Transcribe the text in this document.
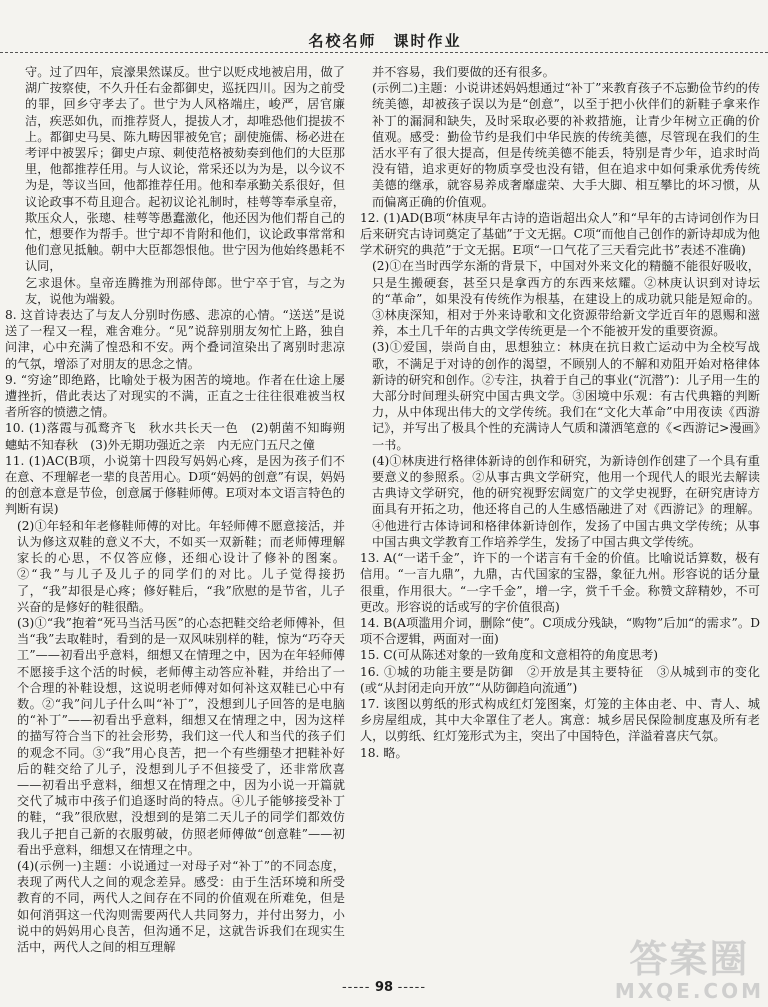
名校名师　课时作业

守。过了四年，宸濠果然谋反。世宁以贬戍地被启用，做了湖广按察使，不久升任右金都御史，巡抚四川。因为之前受的罪，回乡守孝去了。世宁为人风格端庄，峻严，居官廉洁，疾恶如仇，而推荐贤人，提拔人才，却唯恐他们提拔不上。都御史马昊、陈九畴因罪被免官；副使施儒、杨必进在考评中被罢斥；御史卢琼、刺使范格被劾奏到他们的大臣那里，他都推荐任用。与人议论，常采还以为为是，以今议不为是，等议当回，他都推荐任用。他和奉承勤关系很好，但议论政事不苟且迎合。起初议论礼制时，桂萼等奉承皇帝，欺压众人，张璁、桂萼等愚蠢激化，他还因为他们帮自己的忙，想要作为帮手。世宁却不肯附和他们，议论政事常常和他们意见抵触。朝中大臣都怨恨他。世宁因为他始终愚耗不认同，

乞求退休。皇帝连腾推为刑部侍郎。世宁卒于官，与之为友，说他为端毅。

8. 这首诗表达了与友人分别时伤感、悲凉的心情。“送送”是说送了一程又一程，难舍难分。“见”说辞别朋友匆忙上路，独自问津，心中充满了惶恐和不安。两个叠词渲染出了离别时悲凉的气氛，增添了对朋友的思念之情。

9. “穷途”即绝路，比喻处于极为困苦的境地。作者在仕途上屡遭挫折，借此表达了对现实的不满，正直之士往往很难被当权者所容的愤懑之情。

10. (1)落霞与孤鹜齐飞　秋水共长天一色　(2)朝菌不知晦朔　蟪蛄不知春秋　(3)外无期功强近之亲　内无应门五尺之僮

11. (1)AC(B项，小说第十四段写妈妈心疼，是因为孩子们不在意、不理解老一辈的良苦用心。D项“妈妈的创意”有误，妈妈的创意本意是节俭，创意属于修鞋师傅。E项对本文语言特色的判断有误)

(2)①年轻和年老修鞋师傅的对比。年轻师傅不愿意接活，并认为修这双鞋的意义不大，不如买一双新鞋；而老师傅理解家长的心思，不仅答应修，还细心设计了修补的图案。②“我”与儿子及儿子的同学们的对比。儿子觉得接扔了，“我”却很是心疼；修好鞋后，“我”欣慰的是节省，儿子兴奋的是修好的鞋很酷。

(3)①“我”抱着“死马当活马医”的心态把鞋交给老师傅补，但当“我”去取鞋时，看到的是一双风味别样的鞋，惊为“巧夺天工”——初看出乎意料，细想又在情理之中，因为在年轻师傅不愿接手这个活的时候，老师傅主动答应补鞋，并给出了一个合理的补鞋设想，这说明老师傅对如何补这双鞋已心中有数。②“我”问儿子什么叫“补丁”，没想到儿子回答的是电脑的“补丁”——初看出乎意料，细想又在情理之中，因为这样的描写符合当下的社会形势，我们这一代人和当代的孩子们的观念不同。③“我”用心良苦，把一个有些绷垫才把鞋补好后的鞋交给了儿子，没想到儿子不但接受了，还非常欣喜——初看出乎意料，细想又在情理之中，因为小说一开篇就交代了城市中孩子们追逐时尚的特点。④儿子能够接受补丁的鞋，“我”很欣慰，没想到的是第二天儿子的同学们都效仿我儿子把自己新的衣服剪破，仿照老师傅做“创意鞋”——初看出乎意料，细想又在情理之中。

(4)(示例一)主题：小说通过一对母子对“补丁”的不同态度，表现了两代人之间的观念差异。感受：由于生活环境和所受教育的不同，两代人之间存在不同的价值观在所难免，但是如何消弭这一代沟则需要两代人共同努力，并付出努力，小说中的妈妈用心良苦，但沟通不足，这就告诉我们在现实生活中，两代人之间的相互理解

并不容易，我们要做的还有很多。

(示例二)主题：小说讲述妈妈想通过“补丁”来教育孩子不忘勤俭节约的传统美德，却被孩子误以为是“创意”，以至于把小伙伴们的新鞋子拿来作补丁的漏洞和缺失，及时采取必要的补救措施，让青少年树立正确的价值观。感受：勤俭节约是我们中华民族的传统美德，尽管现在我们的生活水平有了很大提高，但是传统美德不能丢，特别是青少年，追求时尚没有错，追求更好的物质享受也没有错，但在追求中如何秉承优秀传统美德的继承，就容易养成奢靡虚荣、大手大脚、相互攀比的坏习惯，从而偏离正确的价值观。

12. (1)AD(B项“林庚早年古诗的造诣超出众人”和“早年的古诗词创作为日后来研究古诗词奠定了基础”于文无据。C项“而他自己创作的新诗却成为他学术研究的典范”于文无据。E项“一口气花了三天看完此书”表述不准确)

(2)①在当时西学东渐的背景下，中国对外来文化的精髓不能很好吸收，只是生搬硬套，甚至只是拿西方的东西来炫耀。②林庚认识到对诗坛的“革命”，如果没有传统作为根基，在建设上的成功就只能是短命的。③林庚深知，相对于外来诗歌和文化资源带给新文学近百年的恩赐和滋养，本土几千年的古典文学传统更是一个不能被开发的重要资源。

(3)①爱国，崇尚自由，思想独立：林庚在抗日救亡运动中为全校写战歌，不满足于对诗的创作的渴望，不顾别人的不解和劝阻开始对格律体新诗的研究和创作。②专注，执着于自己的事业(“沉潜”)：儿子用一生的大部分时间理头研究中国古典文学。③困境中乐观：有古代典籍的判断力，从中体现出伟大的文学传统。我们在“文化大革命”中用夜读《西游记》，并写出了极具个性的充满诗人气质和潇洒笔意的《<西游记>漫画》一书。

(4)①林庚进行格律体新诗的创作和研究，为新诗创作创建了一个具有重要意义的参照系。②从事古典文学研究，他用一个现代人的眼光去解读古典诗文学研究，他的研究视野宏阔宽广的文学史视野，在研究唐诗方面具有开拓之功，他还将自己的人生感悟融进了对《西游记》的理解。④他进行古体诗词和格律体新诗创作，发扬了中国古典文学传统；从事中国古典文学教育工作培养学生，发扬了中国古典文学传统。

13. A(“一诺千金”，许下的一个诺言有千金的价值。比喻说话算数，极有信用。“一言九鼎”，九鼎，古代国家的宝器，象征九州。形容说的话分量很重，作用很大。“一字千金”，增一字，赏千千金。称赞文辞精妙，不可更改。形容说的话或写的字价值很高)

14. B(A项滥用介词，删除“使”。C项成分残缺，“购物”后加“的需求”。D项不合逻辑，两面对一面)

15. C(可从陈述对象的一致角度和文意相符的角度思考)

16. ①城的功能主要是防御　②开放是其主要特征　③从城到市的变化(或“从封闭走向开放”“从防御趋向流通”)

17. 该图以剪纸的形式构成红灯笼图案，灯笼的主体由老、中、青人、城乡房屋组成，其中大伞罩住了老人。寓意：城乡居民保险制度惠及所有老人，以剪纸、红灯笼形式为主，突出了中国特色，洋溢着喜庆气氛。

18. 略。

----- 98 -----
答案圈
MXQE.COM
